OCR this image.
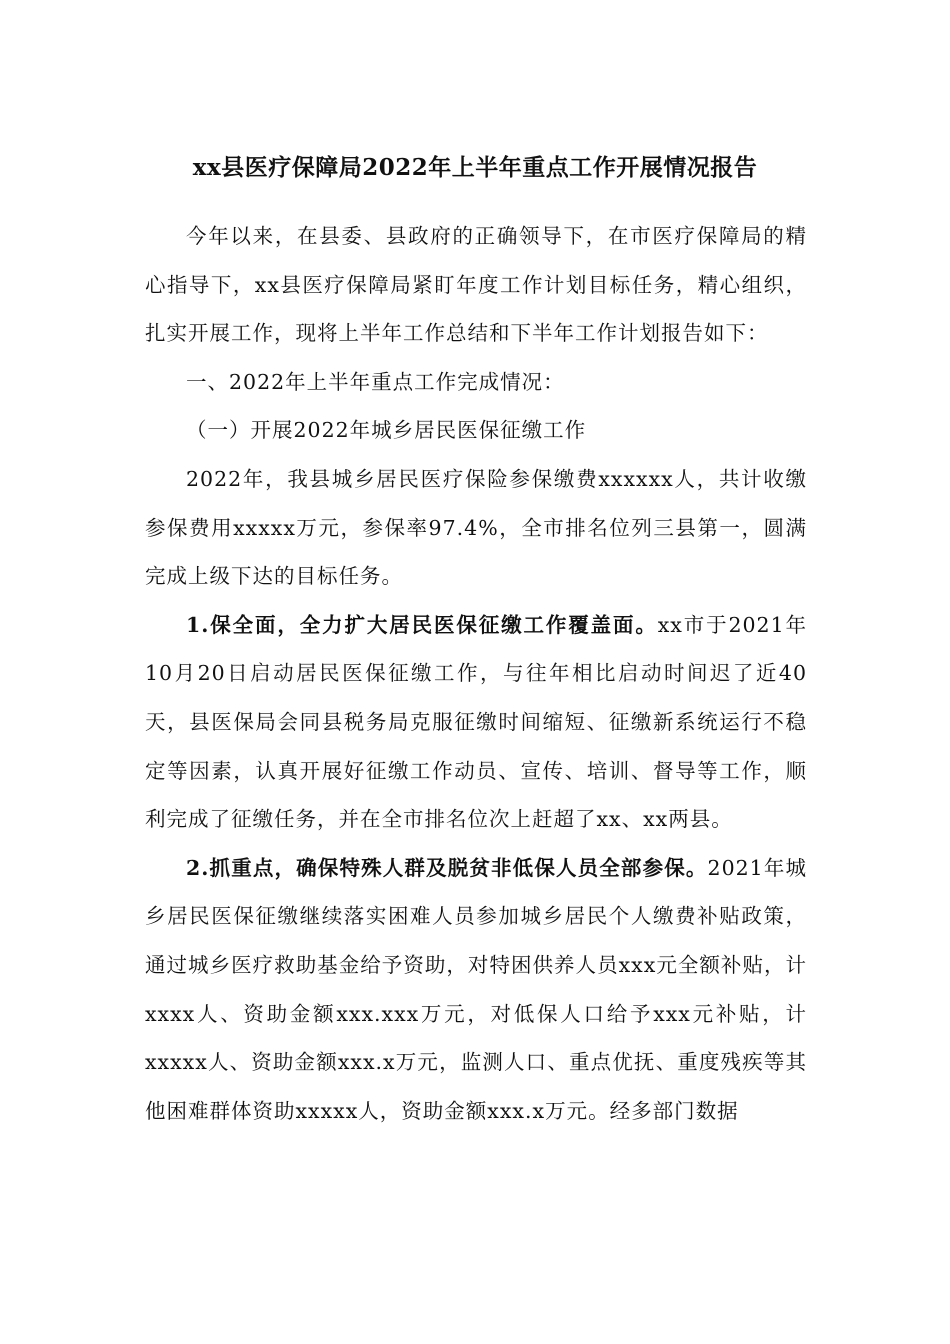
xx县医疗保障局2022年上半年重点工作开展情况报告

今年以来，在县委、县政府的正确领导下，在市医疗保障局的精心指导下，xx县医疗保障局紧盯年度工作计划目标任务，精心组织，扎实开展工作，现将上半年工作总结和下半年工作计划报告如下：

一、2022年上半年重点工作完成情况：

（一）开展2022年城乡居民医保征缴工作

2022年，我县城乡居民医疗保险参保缴费xxxxxx人，共计收缴参保费用xxxxx万元，参保率97.4%，全市排名位列三县第一，圆满完成上级下达的目标任务。

1.保全面，全力扩大居民医保征缴工作覆盖面。xx市于2021年10月20日启动居民医保征缴工作，与往年相比启动时间迟了近40天，县医保局会同县税务局克服征缴时间缩短、征缴新系统运行不稳定等因素，认真开展好征缴工作动员、宣传、培训、督导等工作，顺利完成了征缴任务，并在全市排名位次上赶超了xx、xx两县。

2.抓重点，确保特殊人群及脱贫非低保人员全部参保。2021年城乡居民医保征缴继续落实困难人员参加城乡居民个人缴费补贴政策，通过城乡医疗救助基金给予资助，对特困供养人员xxx元全额补贴，计xxxx人、资助金额xxx.xxx万元，对低保人口给予xxx元补贴，计xxxxx人、资助金额xxx.x万元，监测人口、重点优抚、重度残疾等其他困难群体资助xxxxx人，资助金额xxx.x万元。经多部门数据
